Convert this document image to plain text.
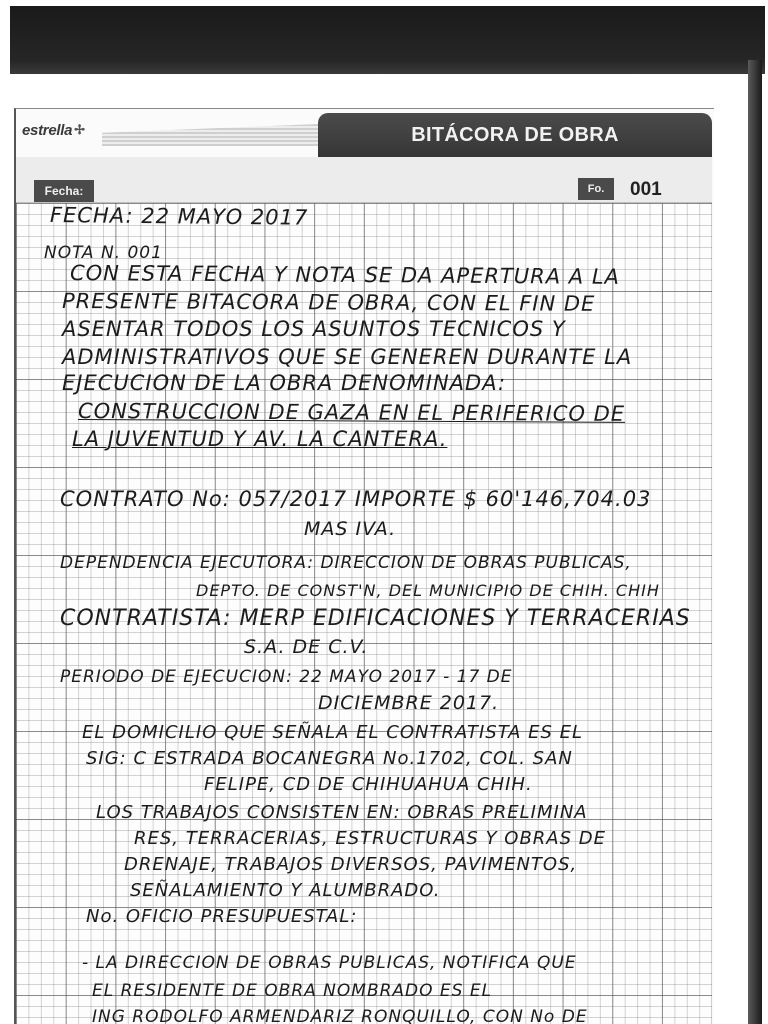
estrella ✢	BITÁCORA DE OBRA
Fecha:	Fo.	001
FECHA: 22 MAYO 2017
NOTA N. 001
CON ESTA FECHA Y NOTA SE DA APERTURA A LA
PRESENTE BITACORA DE OBRA, CON EL FIN DE
ASENTAR TODOS LOS ASUNTOS TECNICOS Y
ADMINISTRATIVOS QUE SE GENEREN DURANTE LA
EJECUCION DE LA OBRA DENOMINADA:
CONSTRUCCION DE GAZA EN EL PERIFERICO DE
LA JUVENTUD Y AV. LA CANTERA.
CONTRATO No: 057/2017 IMPORTE $ 60'146,704.03
MAS IVA.
DEPENDENCIA EJECUTORA: DIRECCION DE OBRAS PUBLICAS,
DEPTO. DE CONST'N, DEL MUNICIPIO DE CHIH. CHIH
CONTRATISTA: MERP EDIFICACIONES Y TERRACERIAS
S.A. DE C.V.
PERIODO DE EJECUCION: 22 MAYO 2017 - 17 DE
DICIEMBRE 2017.
EL DOMICILIO QUE SEÑALA EL CONTRATISTA ES EL
SIG: C ESTRADA BOCANEGRA No.1702, COL. SAN
FELIPE, CD DE CHIHUAHUA CHIH.
LOS TRABAJOS CONSISTEN EN: OBRAS PRELIMINA
RES, TERRACERIAS, ESTRUCTURAS Y OBRAS DE
DRENAJE, TRABAJOS DIVERSOS, PAVIMENTOS,
SEÑALAMIENTO Y ALUMBRADO.
No. OFICIO PRESUPUESTAL:
- LA DIRECCION DE OBRAS PUBLICAS, NOTIFICA QUE
EL RESIDENTE DE OBRA NOMBRADO ES EL
ING RODOLFO ARMENDARIZ RONQUILLO, CON No DE
